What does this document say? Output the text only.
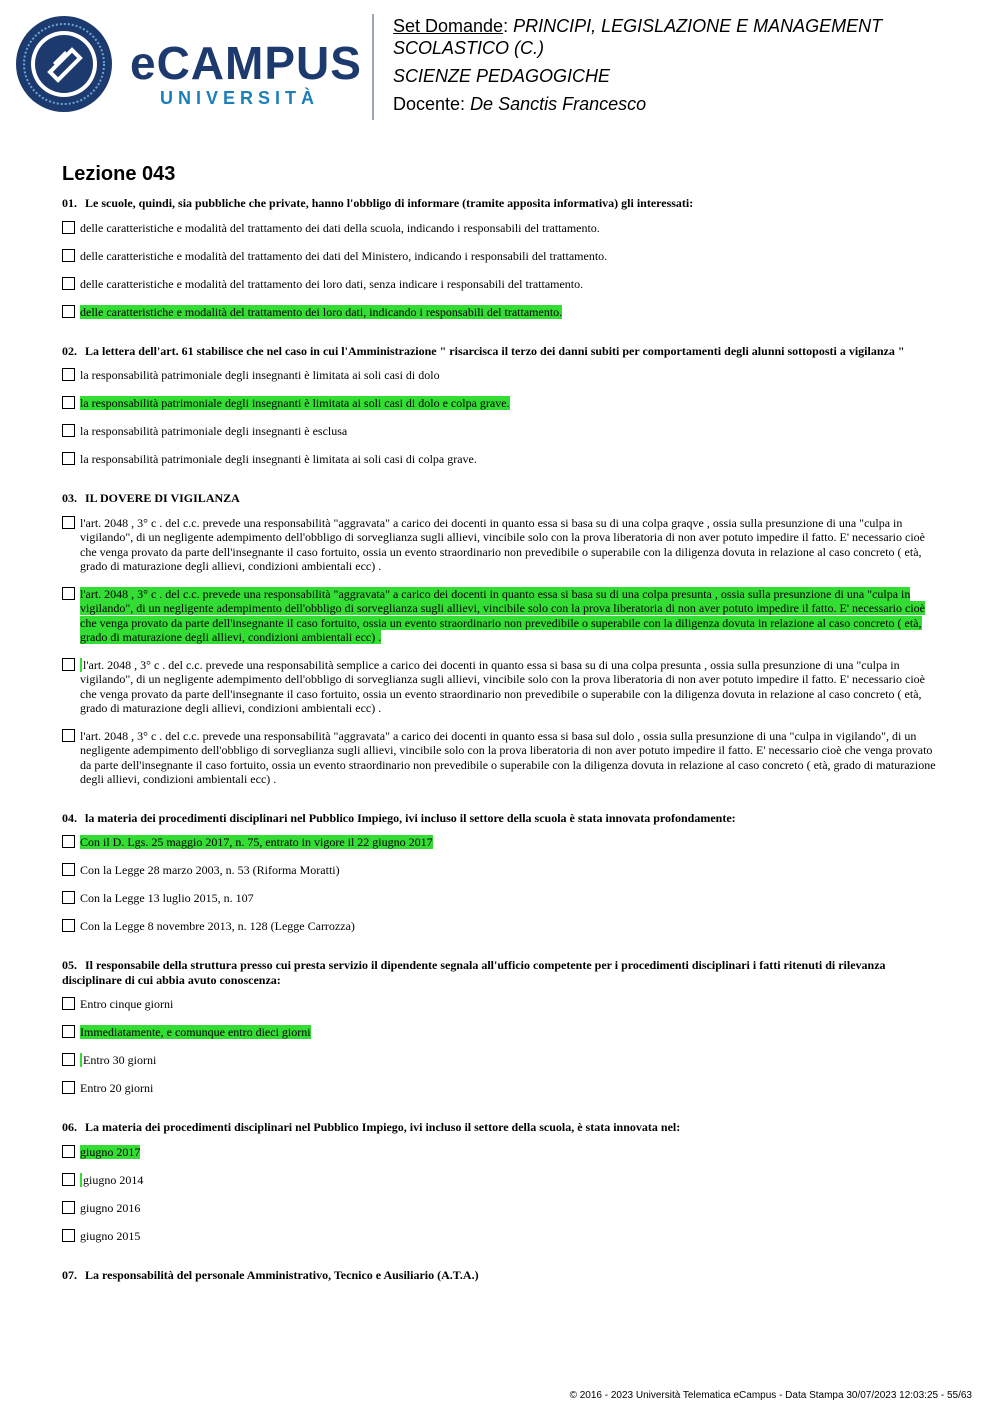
eCAMPUS
UNIVERSITÀ
Set Domande: PRINCIPI, LEGISLAZIONE E MANAGEMENT SCOLASTICO (C.)
SCIENZE PEDAGOGICHE
Docente: De Sanctis Francesco
Lezione 043
01. Le scuole, quindi, sia pubbliche che private, hanno l'obbligo di informare (tramite apposita informativa) gli interessati:
delle caratteristiche e modalità del trattamento dei dati della scuola, indicando i responsabili del trattamento.
delle caratteristiche e modalità del trattamento dei dati del Ministero, indicando i responsabili del trattamento.
delle caratteristiche e modalità del trattamento dei loro dati, senza indicare i responsabili del trattamento.
delle caratteristiche e modalità del trattamento dei loro dati, indicando i responsabili del trattamento.
02. La lettera dell'art. 61 stabilisce che nel caso in cui l'Amministrazione " risarcisca il terzo dei danni subiti per comportamenti degli alunni sottoposti a vigilanza "
la responsabilità patrimoniale degli insegnanti è limitata ai soli casi di dolo
la responsabilità patrimoniale degli insegnanti è limitata ai soli casi di dolo e colpa grave.
la responsabilità patrimoniale degli insegnanti è esclusa
la responsabilità patrimoniale degli insegnanti è limitata ai soli casi di colpa grave.
03. IL DOVERE DI VIGILANZA
l'art. 2048 , 3° c . del c.c. prevede una responsabilità "aggravata" a carico dei docenti in quanto essa si basa su di una colpa graqve , ossia sulla presunzione di una "culpa in vigilando", di un negligente adempimento dell'obbligo di sorveglianza sugli allievi, vincibile solo con la prova liberatoria di non aver potuto impedire il fatto. E' necessario cioè che venga provato da parte dell'insegnante il caso fortuito, ossia un evento straordinario non prevedibile o superabile con la diligenza dovuta in relazione al caso concreto ( età, grado di maturazione degli allievi, condizioni ambientali ecc) .
l'art. 2048 , 3° c . del c.c. prevede una responsabilità "aggravata" a carico dei docenti in quanto essa si basa su di una colpa presunta , ossia sulla presunzione di una "culpa in vigilando", di un negligente adempimento dell'obbligo di sorveglianza sugli allievi, vincibile solo con la prova liberatoria di non aver potuto impedire il fatto. E' necessario cioè che venga provato da parte dell'insegnante il caso fortuito, ossia un evento straordinario non prevedibile o superabile con la diligenza dovuta in relazione al caso concreto ( età, grado di maturazione degli allievi, condizioni ambientali ecc) .
l'art. 2048 , 3° c . del c.c. prevede una responsabilità semplice a carico dei docenti in quanto essa si basa su di una colpa presunta , ossia sulla presunzione di una "culpa in vigilando", di un negligente adempimento dell'obbligo di sorveglianza sugli allievi, vincibile solo con la prova liberatoria di non aver potuto impedire il fatto. E' necessario cioè che venga provato da parte dell'insegnante il caso fortuito, ossia un evento straordinario non prevedibile o superabile con la diligenza dovuta in relazione al caso concreto ( età, grado di maturazione degli allievi, condizioni ambientali ecc) .
l'art. 2048 , 3° c . del c.c. prevede una responsabilità "aggravata" a carico dei docenti in quanto essa si basa sul dolo , ossia sulla presunzione di una "culpa in vigilando", di un negligente adempimento dell'obbligo di sorveglianza sugli allievi, vincibile solo con la prova liberatoria di non aver potuto impedire il fatto. E' necessario cioè che venga provato da parte dell'insegnante il caso fortuito, ossia un evento straordinario non prevedibile o superabile con la diligenza dovuta in relazione al caso concreto ( età, grado di maturazione degli allievi, condizioni ambientali ecc) .
04. la materia dei procedimenti disciplinari nel Pubblico Impiego, ivi incluso il settore della scuola è stata innovata profondamente:
Con il D. Lgs. 25 maggio 2017, n. 75, entrato in vigore il 22 giugno 2017
Con la Legge 28 marzo 2003, n. 53 (Riforma Moratti)
Con la Legge 13 luglio 2015, n. 107
Con la Legge 8 novembre 2013, n. 128 (Legge Carrozza)
05. Il responsabile della struttura presso cui presta servizio il dipendente segnala all'ufficio competente per i procedimenti disciplinari i fatti ritenuti di rilevanza disciplinare di cui abbia avuto conoscenza:
Entro cinque giorni
Immediatamente, e comunque entro dieci giorni
Entro 30 giorni
Entro 20 giorni
06. La materia dei procedimenti disciplinari nel Pubblico Impiego, ivi incluso il settore della scuola, è stata innovata nel:
giugno 2017
giugno 2014
giugno 2016
giugno 2015
07. La responsabilità del personale Amministrativo, Tecnico e Ausiliario (A.T.A.)
© 2016 - 2023 Università Telematica eCampus - Data Stampa 30/07/2023 12:03:25 - 55/63
